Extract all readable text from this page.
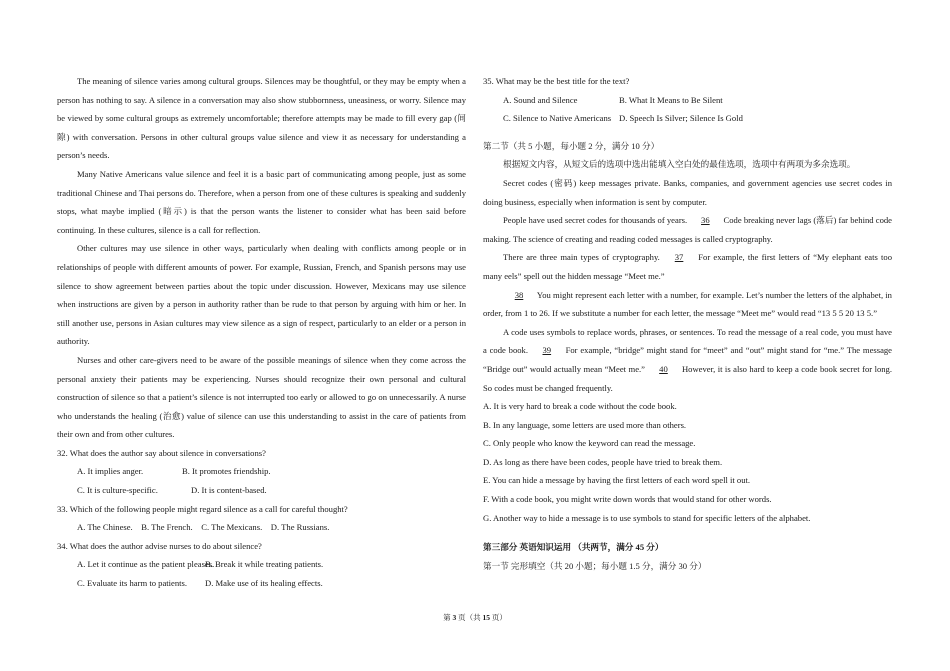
The meaning of silence varies among cultural groups. Silences may be thoughtful, or they may be empty when a person has nothing to say. A silence in a conversation may also show stubbornness, uneasiness, or worry. Silence may be viewed by some cultural groups as extremely uncomfortable; therefore attempts may be made to fill every gap (间隙) with conversation. Persons in other cultural groups value silence and view it as necessary for understanding a person’s needs.

Many Native Americans value silence and feel it is a basic part of communicating among people, just as some traditional Chinese and Thai persons do. Therefore, when a person from one of these cultures is speaking and suddenly stops, what maybe implied (暗示) is that the person wants the listener to consider what has been said before continuing. In these cultures, silence is a call for reflection.

Other cultures may use silence in other ways, particularly when dealing with conflicts among people or in relationships of people with different amounts of power. For example, Russian, French, and Spanish persons may use silence to show agreement between parties about the topic under discussion. However, Mexicans may use silence when instructions are given by a person in authority rather than be rude to that person by arguing with him or her. In still another use, persons in Asian cultures may view silence as a sign of respect, particularly to an elder or a person in authority.

Nurses and other care-givers need to be aware of the possible meanings of silence when they come across the personal anxiety their patients may be experiencing. Nurses should recognize their own personal and cultural construction of silence so that a patient’s silence is not interrupted too early or allowed to go on unnecessarily. A nurse who understands the healing (治愈) value of silence can use this understanding to assist in the care of patients from their own and from other cultures.

32. What does the author say about silence in conversations?

A. It implies anger.	B. It promotes friendship.
C. It is culture-specific.	D. It is content-based.

33. Which of the following people might regard silence as a call for careful thought?

A. The Chinese.    B. The French.    C. The Mexicans.    D. The Russians.

34. What does the author advise nurses to do about silence?

A. Let it continue as the patient pleases.B. Break it while treating patients.
C. Evaluate its harm to patients. D. Make use of its healing effects.

35. What may be the best title for the text?

A. Sound and Silence	B. What It Means to Be Silent
C. Silence to Native Americans D. Speech Is Silver; Silence Is Gold

第二节（共 5 小题，每小题 2 分，满分 10 分）

根据短文内容，从短文后的选项中选出能填入空白处的最佳选项，选项中有两项为多余选项。

Secret codes (密码) keep messages private. Banks, companies, and government agencies use secret codes in doing business, especially when information is sent by computer.

People have used secret codes for thousands of years. 36 Code breaking never lags (落后) far behind code making. The science of creating and reading coded messages is called cryptography.

There are three main types of cryptography. 37 For example, the first letters of “My elephant eats too many eels” spell out the hidden message “Meet me.”

38 You might represent each letter with a number, for example. Let’s number the letters of the alphabet, in order, from 1 to 26. If we substitute a number for each letter, the message “Meet me” would read “13 5 5 20 13 5.”

A code uses symbols to replace words, phrases, or sentences. To read the message of a real code, you must have a code book. 39 For example, “bridge” might stand for “meet” and “out” might stand for “me.” The message “Bridge out” would actually mean “Meet me.” 40 However, it is also hard to keep a code book secret for long. So codes must be changed frequently.

A. It is very hard to break a code without the code book.

B. In any language, some letters are used more than others.

C. Only people who know the keyword can read the message.

D. As long as there have been codes, people have tried to break them.

E. You can hide a message by having the first letters of each word spell it out.

F. With a code book, you might write down words that would stand for other words.

G. Another way to hide a message is to use symbols to stand for specific letters of the alphabet.

第三部分 英语知识运用 （共两节，满分 45 分）

第一节 完形填空（共 20 小题；每小题 1.5 分，满分 30 分）

第 3 页（共 15 页）
